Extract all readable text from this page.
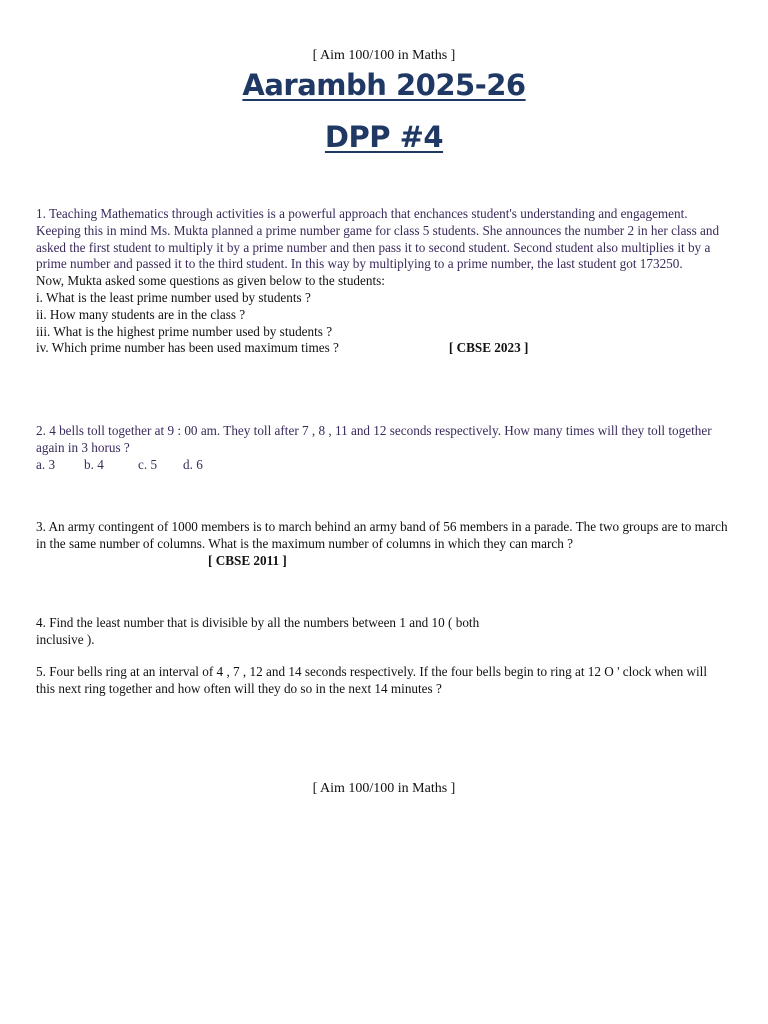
[ Aim 100/100 in Maths ]
Aarambh 2025-26
DPP #4
1. Teaching Mathematics through activities is a powerful approach that enchances student's understanding and engagement. Keeping this in mind Ms. Mukta planned a prime number game for class 5 students. She announces the number 2 in her class and asked the first student to multiply it by a prime number and then pass it to second student. Second student also multiplies it by a prime number and passed it to the third student. In this way by multiplying to a prime number, the last student got 173250.
Now, Mukta asked some questions as given below to the students:
i. What is the least prime number used by students ?
ii. How many students are in the class ?
iii. What is the highest prime number used by students ?
iv. Which prime number has been used maximum times ?	[ CBSE 2023 ]
2. 4 bells toll together at 9 : 00 am. They toll after 7 , 8 , 11 and 12 seconds respectively. How many times will they toll together again in 3 horus ?
a. 3 b. 4	c. 5 d. 6
3. An army contingent of 1000 members is to march behind an army band of 56 members in a parade. The two groups are to march in the same number of columns. What is the maximum number of columns in which they can march ?[ CBSE 2011 ]
4. Find the least number that is divisible by all the numbers between 1 and 10 ( both
inclusive ).
5. Four bells ring at an interval of 4 , 7 , 12 and 14 seconds respectively. If the four bells begin to ring at 12 O ' clock when will this next ring together and how often will they do so in the next 14 minutes ?
[ Aim 100/100 in Maths ]
